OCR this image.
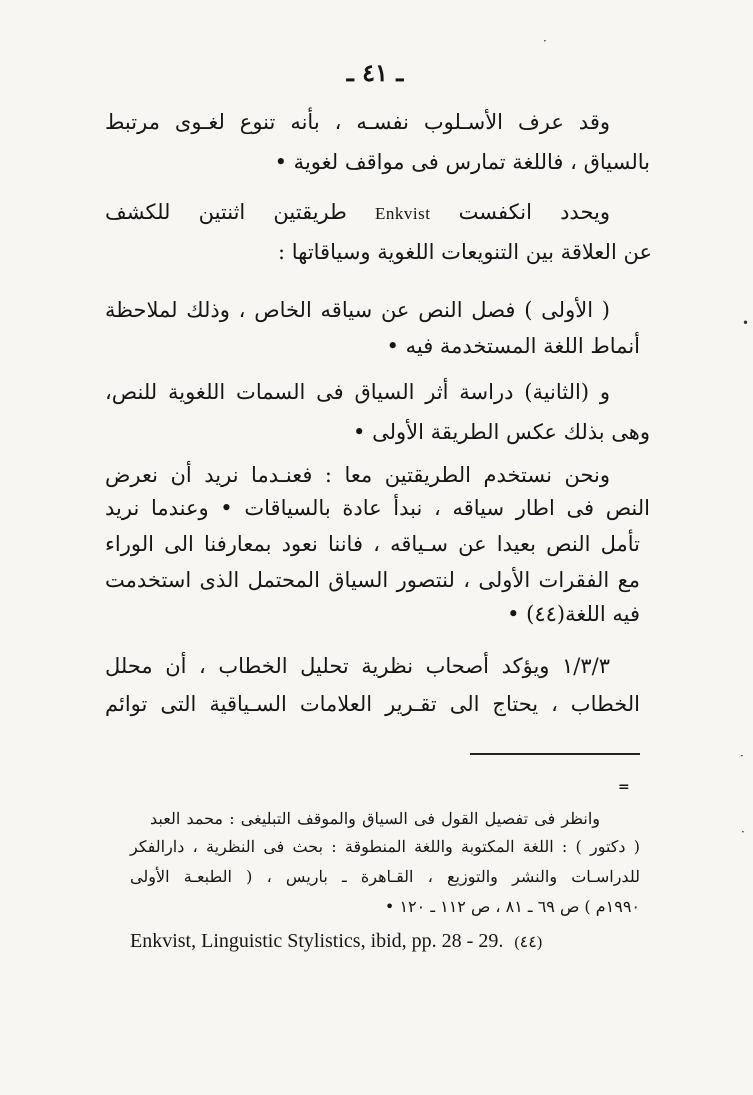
ـ ٤١ ـ
وقد عرف الأسـلوب نفسـه ، بأنه تنوع لغـوى مرتبط
بالسياق ، فاللغة تمارس فى مواقف لغوية •
ويحدد انكفست Enkvist طريقتين اثنتين للكشف
عن العلاقة بين التنويعات اللغوية وسياقاتها :
( الأولى ) فصل النص عن سياقه الخاص ، وذلك لملاحظة
أنماط اللغة المستخدمة فيه •
و (الثانية) دراسة أثر السياق فى السمات اللغوية للنص،
وهى بذلك عكس الطريقة الأولى •
ونحن نستخدم الطريقتين معا : فعنـدما نريد أن نعرض
النص فى اطار سياقه ، نبدأ عادة بالسياقات • وعندما نريد
تأمل النص بعيدا عن سـياقه ، فاننا نعود بمعارفنا الى الوراء
مع الفقرات الأولى ، لنتصور السياق المحتمل الذى استخدمت
فيه اللغة(٤٤) •
١/٣/٣ ويؤكد أصحاب نظرية تحليل الخطاب ، أن محلل
الخطاب ، يحتاج الى تقـرير العلامات السـياقية التى توائم
=
وانظر فى تفصيل القول فى السياق والموقف التبليغى : محمد العبد
( دكتور ) : اللغة المكتوبة واللغة المنطوقة : بحث فى النظرية ، دارالفكر
للدراسـات والنشر والتوزيع ، القـاهرة ـ باريس ، ( الطبعـة الأولى
١٩٩٠م ) ص ٦٩ ـ ٨١ ، ص ١١٢ ـ ١٢٠ •
Enkvist, Linguistic Stylistics, ibid, pp. 28 - 29. (٤٤)
·
•
·
·
